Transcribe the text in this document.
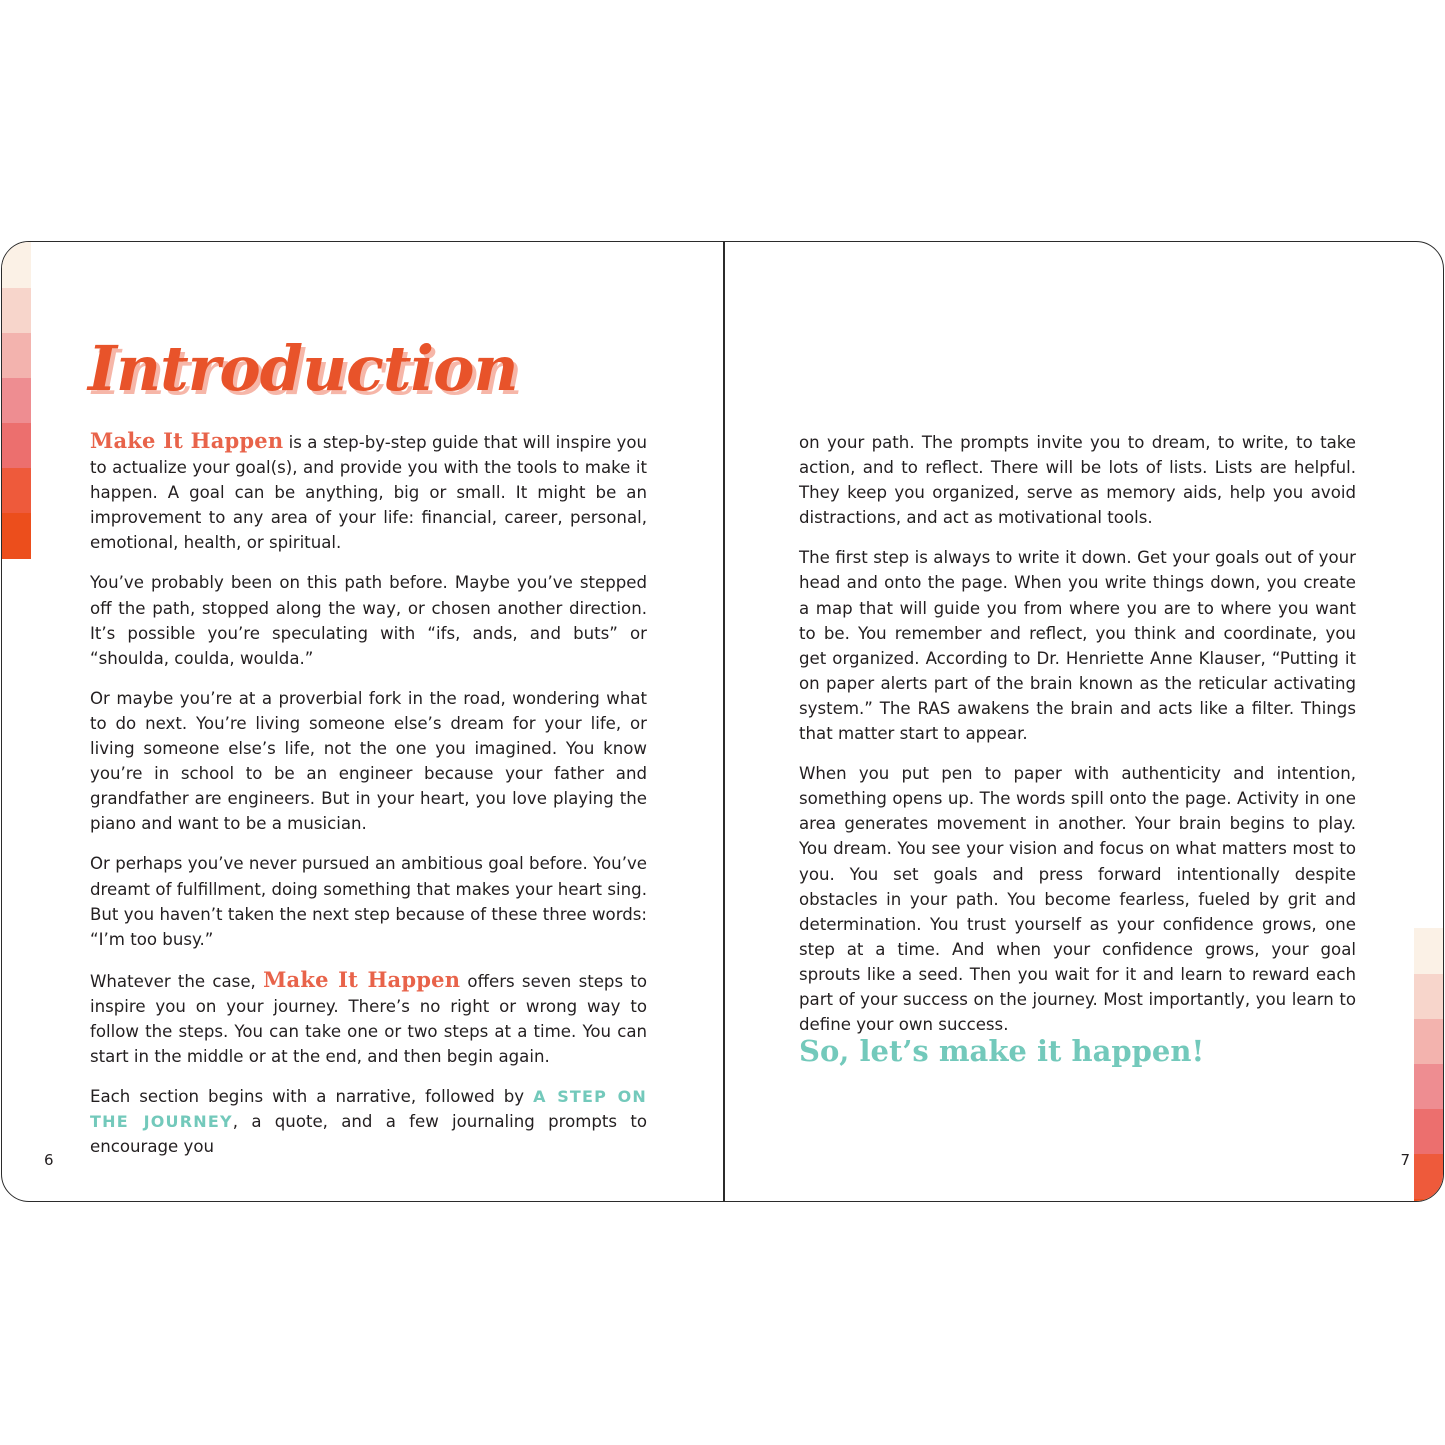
Introduction

Make It Happen is a step-by-step guide that will inspire you to actualize your goal(s), and provide you with the tools to make it happen. A goal can be anything, big or small. It might be an improvement to any area of your life: financial, career, personal, emotional, health, or spiritual.

You’ve probably been on this path before. Maybe you’ve stepped off the path, stopped along the way, or chosen another direction. It’s possible you’re speculating with “ifs, ands, and buts” or “shoulda, coulda, woulda.”

Or maybe you’re at a proverbial fork in the road, wondering what to do next. You’re living someone else’s dream for your life, or living someone else’s life, not the one you imagined. You know you’re in school to be an engineer because your father and grandfather are engineers. But in your heart, you love playing the piano and want to be a musician.

Or perhaps you’ve never pursued an ambitious goal before. You’ve dreamt of fulfillment, doing something that makes your heart sing. But you haven’t taken the next step because of these three words: “I’m too busy.”

Whatever the case, Make It Happen offers seven steps to inspire you on your journey. There’s no right or wrong way to follow the steps. You can take one or two steps at a time. You can start in the middle or at the end, and then begin again.

Each section begins with a narrative, followed by A STEP ON THE JOURNEY, a quote, and a few journaling prompts to encourage you

6

on your path. The prompts invite you to dream, to write, to take action, and to reflect. There will be lots of lists. Lists are helpful. They keep you organized, serve as memory aids, help you avoid distractions, and act as motivational tools.

The first step is always to write it down. Get your goals out of your head and onto the page. When you write things down, you create a map that will guide you from where you are to where you want to be. You remember and reflect, you think and coordinate, you get organized. According to Dr. Henriette Anne Klauser, “Putting it on paper alerts part of the brain known as the reticular activating system.” The RAS awakens the brain and acts like a filter. Things that matter start to appear.

When you put pen to paper with authenticity and intention, something opens up. The words spill onto the page. Activity in one area generates movement in another. Your brain begins to play. You dream. You see your vision and focus on what matters most to you. You set goals and press forward intentionally despite obstacles in your path. You become fearless, fueled by grit and determination. You trust yourself as your confidence grows, one step at a time. And when your confidence grows, your goal sprouts like a seed. Then you wait for it and learn to reward each part of your success on the journey. Most importantly, you learn to define your own success.

So, let’s make it happen!
7
